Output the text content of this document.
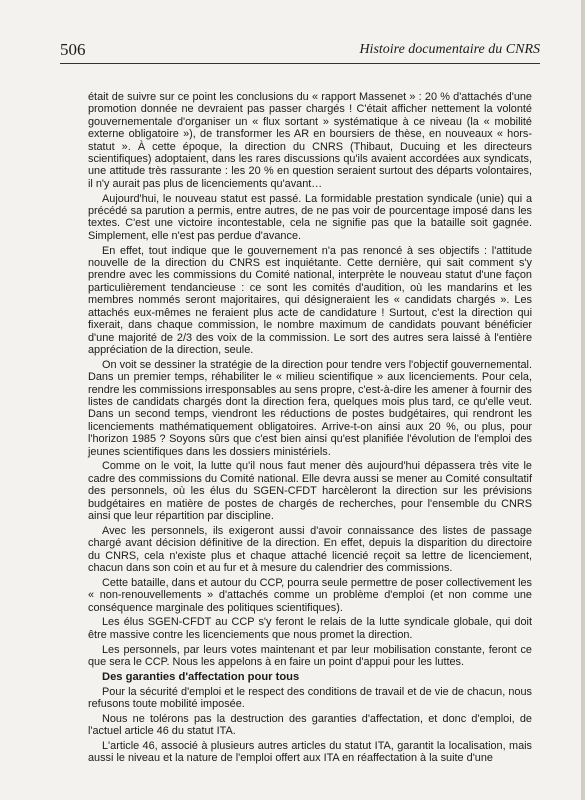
506	Histoire documentaire du CNRS

était de suivre sur ce point les conclusions du « rapport Massenet » : 20 % d'attachés d'une promotion donnée ne devraient pas passer chargés ! C'était afficher nettement la volonté gouvernementale d'organiser un « flux sortant » systématique à ce niveau (la « mobilité externe obligatoire »), de transformer les AR en boursiers de thèse, en nouveaux « hors-statut ». À cette époque, la direction du CNRS (Thibaut, Ducuing et les directeurs scientifiques) adoptaient, dans les rares discussions qu'ils avaient accordées aux syndicats, une attitude très rassurante : les 20 % en question seraient surtout des départs volontaires, il n'y aurait pas plus de licenciements qu'avant…

Aujourd'hui, le nouveau statut est passé. La formidable prestation syndicale (unie) qui a précédé sa parution a permis, entre autres, de ne pas voir de pourcentage imposé dans les textes. C'est une victoire incontestable, cela ne signifie pas que la bataille soit gagnée. Simplement, elle n'est pas perdue d'avance.

En effet, tout indique que le gouvernement n'a pas renoncé à ses objectifs : l'attitude nouvelle de la direction du CNRS est inquiétante. Cette dernière, qui sait comment s'y prendre avec les commissions du Comité national, interprète le nouveau statut d'une façon particulièrement tendancieuse : ce sont les comités d'audition, où les mandarins et les membres nommés seront majoritaires, qui désigneraient les « candidats chargés ». Les attachés eux-mêmes ne feraient plus acte de candidature ! Surtout, c'est la direction qui fixerait, dans chaque commission, le nombre maximum de candidats pouvant bénéficier d'une majorité de 2/3 des voix de la commission. Le sort des autres sera laissé à l'entière appréciation de la direction, seule.

On voit se dessiner la stratégie de la direction pour tendre vers l'objectif gouvernemental. Dans un premier temps, réhabiliter le « milieu scientifique » aux licenciements. Pour cela, rendre les commissions irresponsables au sens propre, c'est-à-dire les amener à fournir des listes de candidats chargés dont la direction fera, quelques mois plus tard, ce qu'elle veut. Dans un second temps, viendront les réductions de postes budgétaires, qui rendront les licenciements mathématiquement obligatoires. Arrive-t-on ainsi aux 20 %, ou plus, pour l'horizon 1985 ? Soyons sûrs que c'est bien ainsi qu'est planifiée l'évolution de l'emploi des jeunes scientifiques dans les dossiers ministériels.

Comme on le voit, la lutte qu'il nous faut mener dès aujourd'hui dépassera très vite le cadre des commissions du Comité national. Elle devra aussi se mener au Comité consultatif des personnels, où les élus du SGEN-CFDT harcèleront la direction sur les prévisions budgétaires en matière de postes de chargés de recherches, pour l'ensemble du CNRS ainsi que leur répartition par discipline.

Avec les personnels, ils exigeront aussi d'avoir connaissance des listes de passage chargé avant décision définitive de la direction. En effet, depuis la disparition du directoire du CNRS, cela n'existe plus et chaque attaché licencié reçoit sa lettre de licenciement, chacun dans son coin et au fur et à mesure du calendrier des commissions.

Cette bataille, dans et autour du CCP, pourra seule permettre de poser collectivement les « non-renouvellements » d'attachés comme un problème d'emploi (et non comme une conséquence marginale des politiques scientifiques).

Les élus SGEN-CFDT au CCP s'y feront le relais de la lutte syndicale globale, qui doit être massive contre les licenciements que nous promet la direction.

Les personnels, par leurs votes maintenant et par leur mobilisation constante, feront ce que sera le CCP. Nous les appelons à en faire un point d'appui pour les luttes.

Des garanties d'affectation pour tous

Pour la sécurité d'emploi et le respect des conditions de travail et de vie de chacun, nous refusons toute mobilité imposée.

Nous ne tolérons pas la destruction des garanties d'affectation, et donc d'emploi, de l'actuel article 46 du statut ITA.

L'article 46, associé à plusieurs autres articles du statut ITA, garantit la localisation, mais aussi le niveau et la nature de l'emploi offert aux ITA en réaffectation à la suite d'une
